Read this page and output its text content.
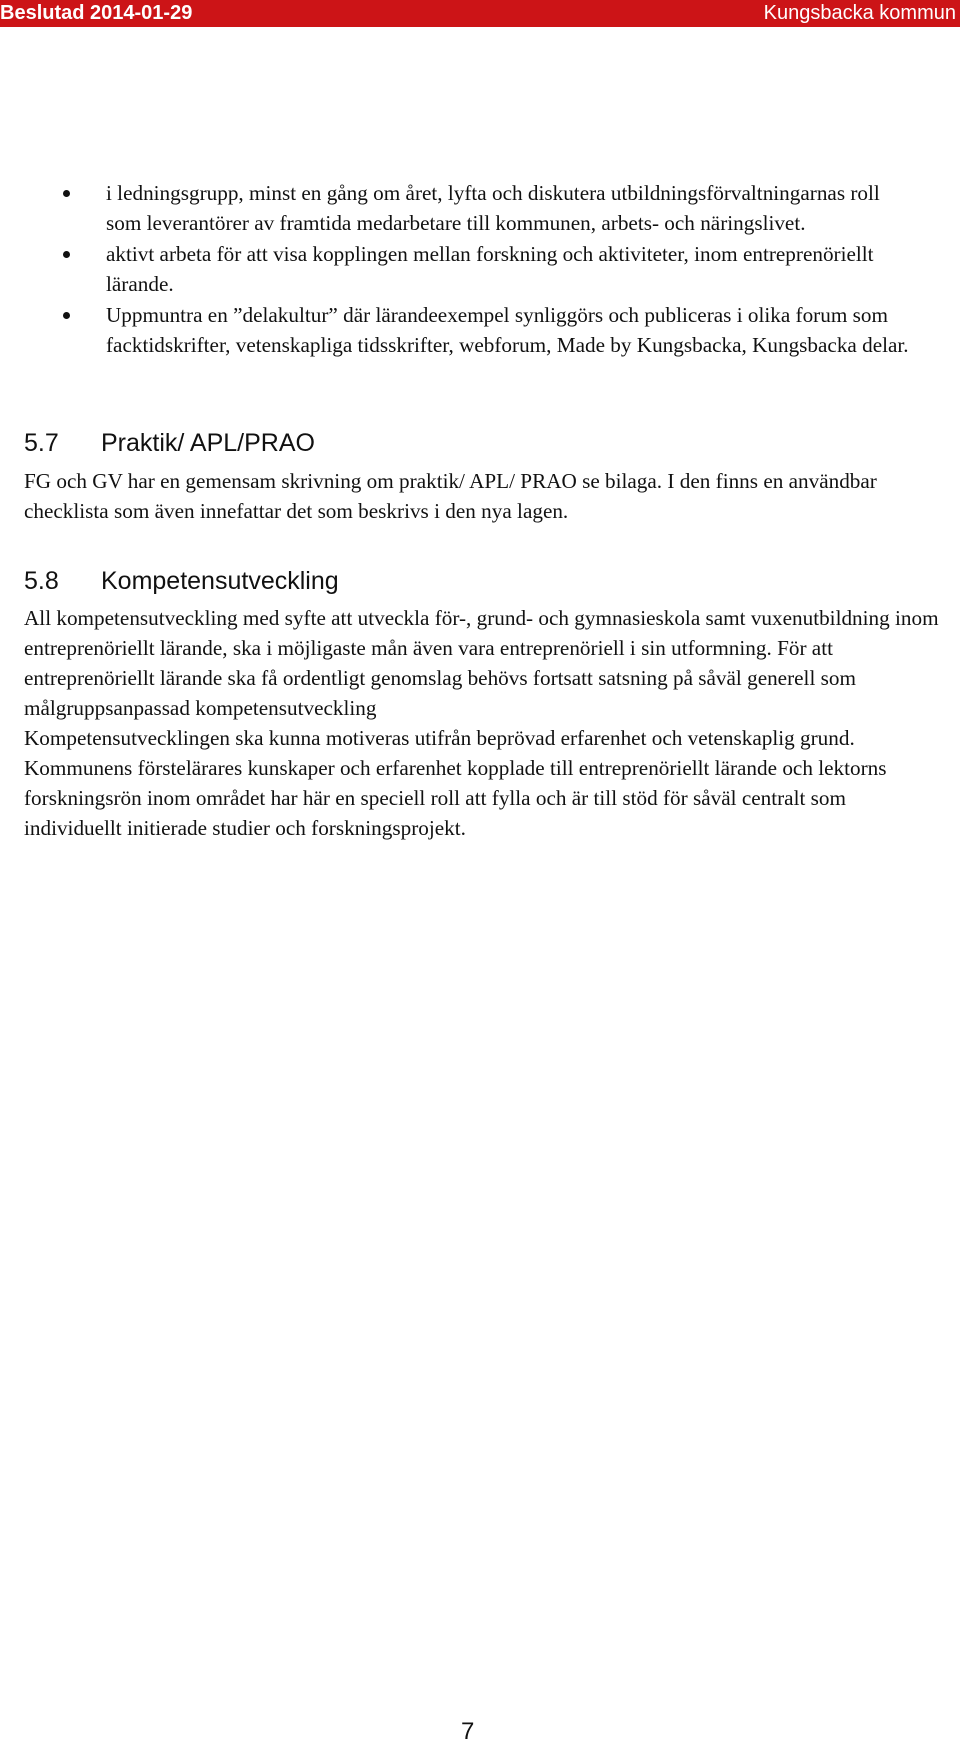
Beslutad 2014-01-29	Kungsbacka kommun
i ledningsgrupp, minst en gång om året, lyfta och diskutera utbildningsförvaltningarnas roll som leverantörer av framtida medarbetare till kommunen, arbets- och näringslivet.
aktivt arbeta för att visa kopplingen mellan forskning och aktiviteter, inom entreprenöriellt lärande.
Uppmuntra en ”delakultur” där lärandeexempel synliggörs och publiceras i olika forum som facktidskrifter, vetenskapliga tidsskrifter, webforum, Made by Kungsbacka, Kungsbacka delar.
5.7 Praktik/ APL/PRAO

FG och GV har en gemensam skrivning om praktik/ APL/ PRAO se bilaga. I den finns en användbar checklista som även innefattar det som beskrivs i den nya lagen.

5.8 Kompetensutveckling

All kompetensutveckling med syfte att utveckla för-, grund- och gymnasieskola samt vuxenutbildning inom entreprenöriellt lärande, ska i möjligaste mån även vara entreprenöriell i sin utformning. För att entreprenöriellt lärande ska få ordentligt genomslag behövs fortsatt satsning på såväl generell som målgruppsanpassad kompetensutveckling

Kompetensutvecklingen ska kunna motiveras utifrån beprövad erfarenhet och vetenskaplig grund. Kommunens förstelärares kunskaper och erfarenhet kopplade till entreprenöriellt lärande och lektorns forskningsrön inom området har här en speciell roll att fylla och är till stöd för såväl centralt som individuellt initierade studier och forskningsprojekt.

7
